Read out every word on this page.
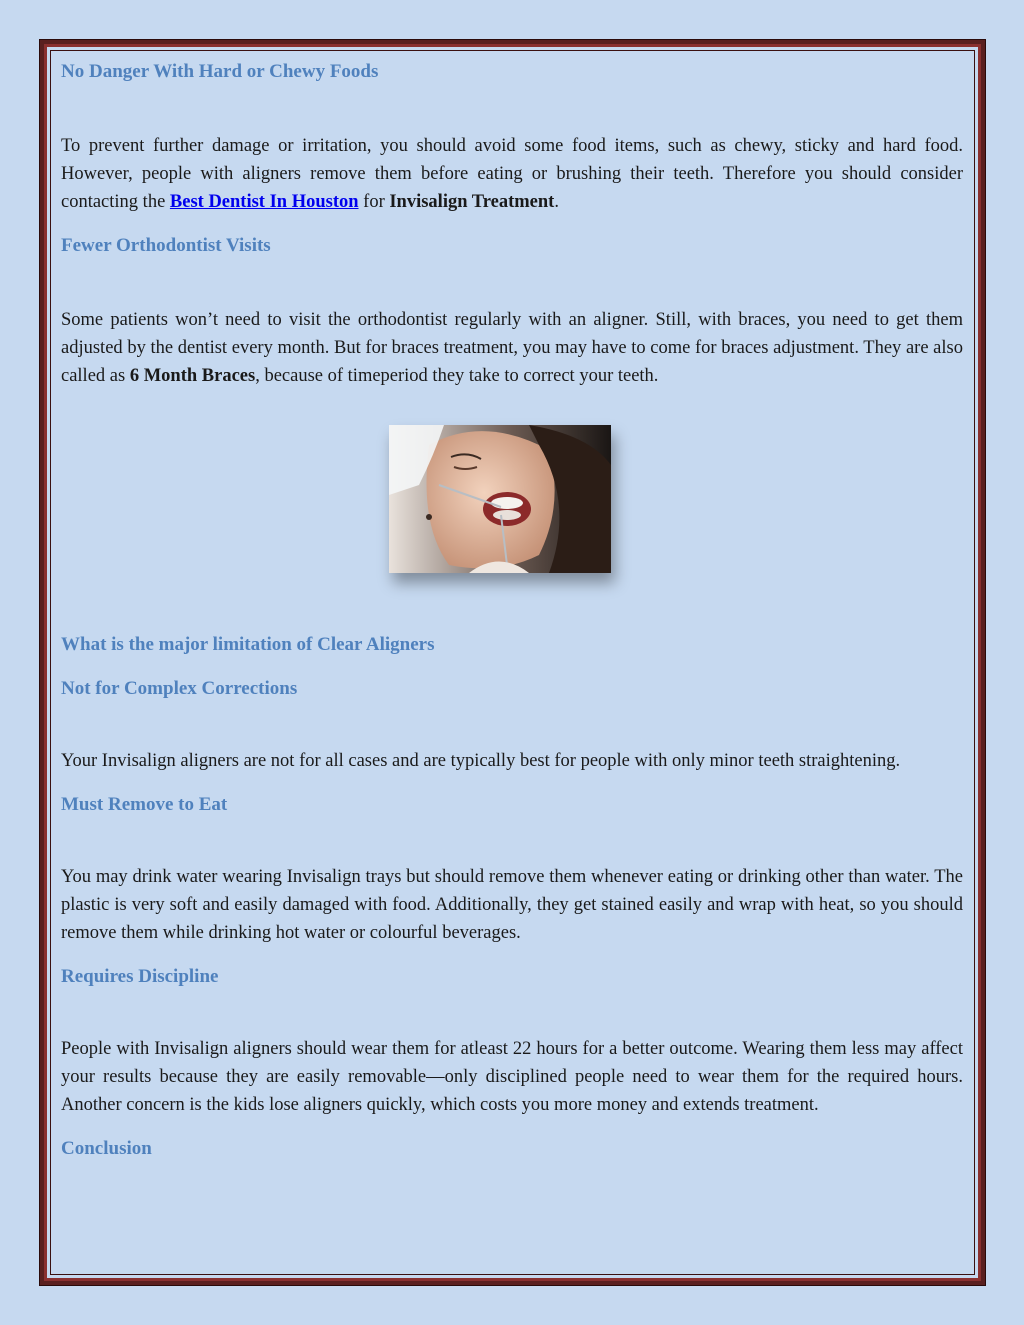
No Danger With Hard or Chewy Foods

To prevent further damage or irritation, you should avoid some food items, such as chewy, sticky and hard food. However, people with aligners remove them before eating or brushing their teeth. Therefore you should consider contacting the Best Dentist In Houston for Invisalign Treatment.

Fewer Orthodontist Visits

Some patients won’t need to visit the orthodontist regularly with an aligner. Still, with braces, you need to get them adjusted by the dentist every month. But for braces treatment, you may have to come for braces adjustment. They are also called as 6 Month Braces, because of timeperiod they take to correct your teeth.

What is the major limitation of Clear Aligners
Not for Complex Corrections

Your Invisalign aligners are not for all cases and are typically best for people with only minor teeth straightening.

Must Remove to Eat

You may drink water wearing Invisalign trays but should remove them whenever eating or drinking other than water. The plastic is very soft and easily damaged with food. Additionally, they get stained easily and wrap with heat, so you should remove them while drinking hot water or colourful beverages.

Requires Discipline

People with Invisalign aligners should wear them for atleast 22 hours for a better outcome. Wearing them less may affect your results because they are easily removable—only disciplined people need to wear them for the required hours. Another concern is the kids lose aligners quickly, which costs you more money and extends treatment.

Conclusion
